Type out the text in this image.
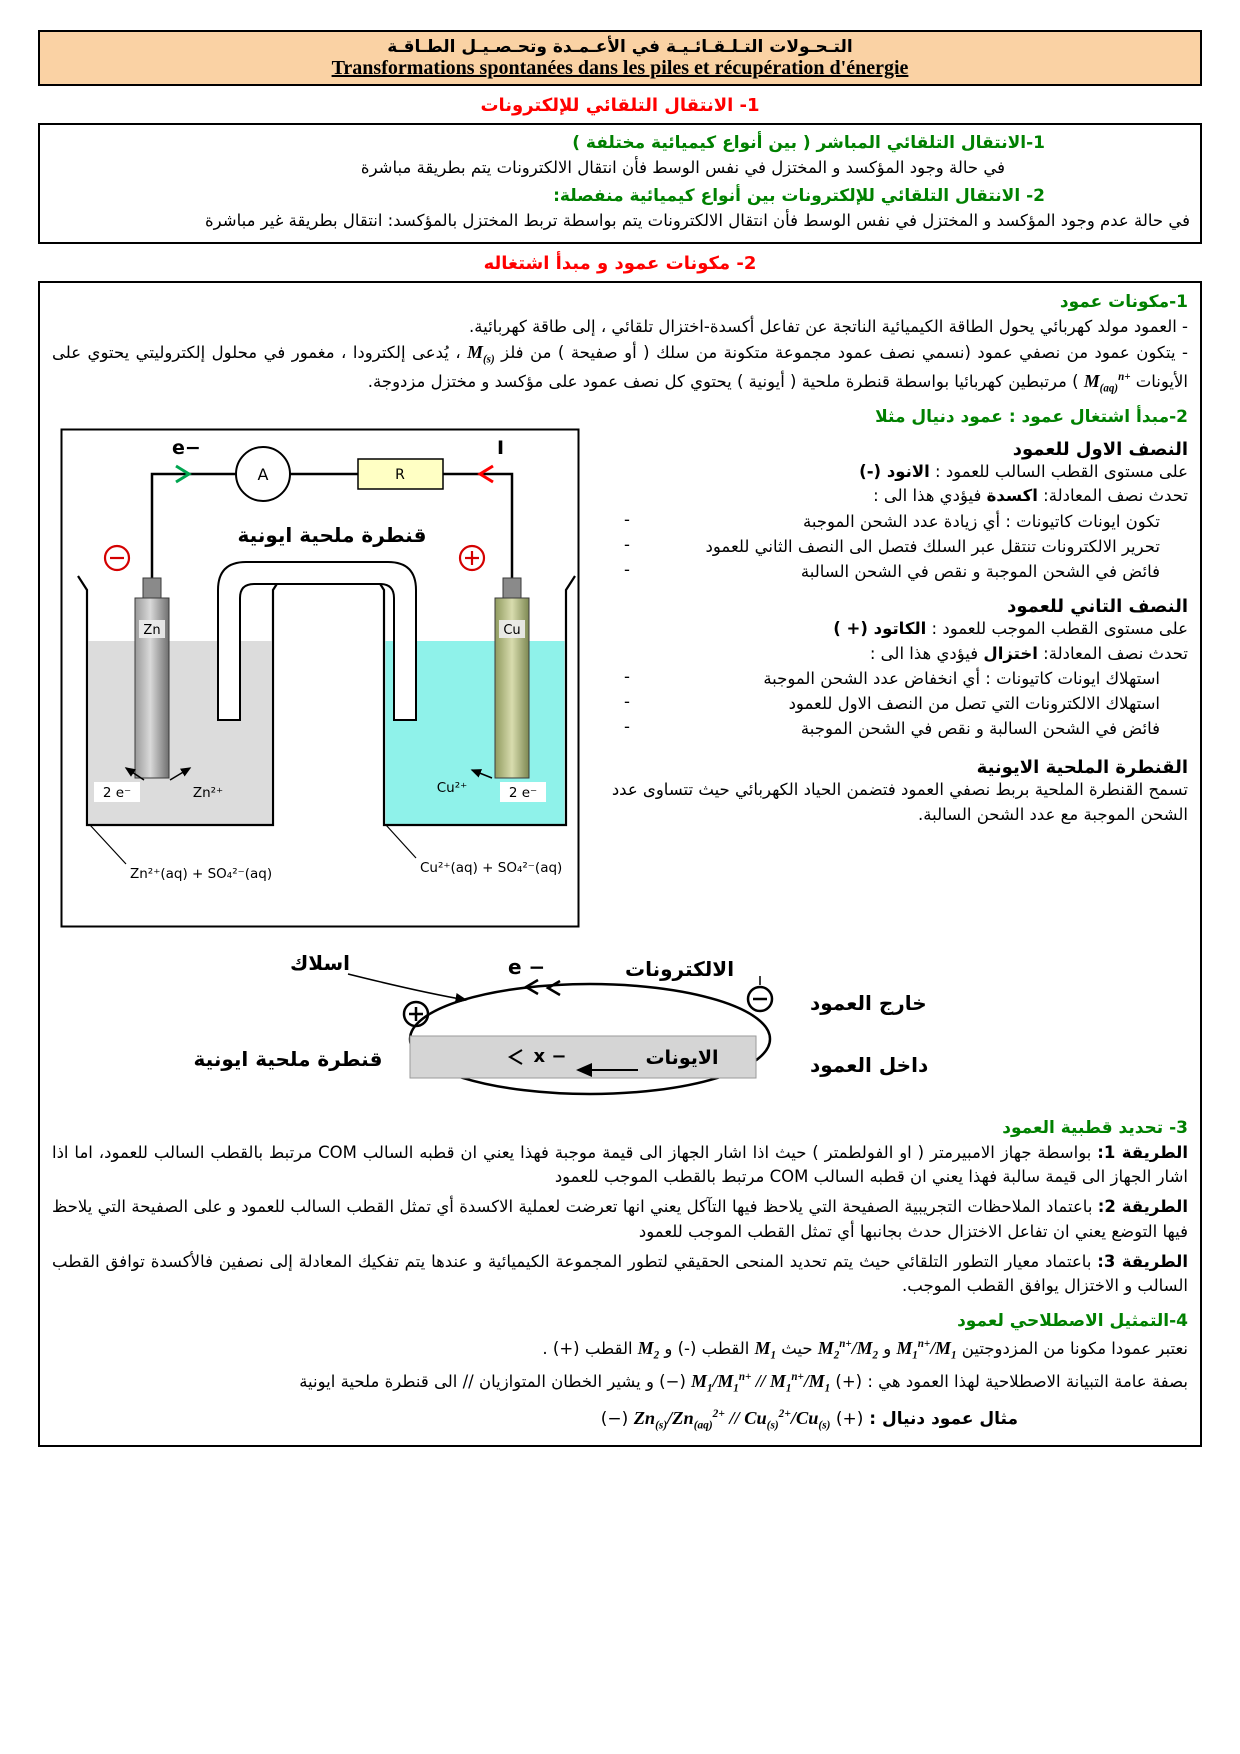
التـحـولات التـلـقـائـيـة في الأعـمـدة وتحـصـيـل الطـاقـة
Transformations spontanées dans les piles et récupération d'énergie
1- الانتقال التلقائي للإلكترونات
1-الانتقال التلقائي المباشر ( بين أنواع كيميائية مختلفة )
في حالة وجود المؤكسد و المختزل في نفس الوسط فأن انتقال الالكترونات يتم بطريقة مباشرة
2- الانتقال التلقائي للإلكترونات بين أنواع كيميائية منفصلة:
في حالة عدم وجود المؤكسد و المختزل في نفس الوسط فأن انتقال الالكترونات يتم بواسطة تربط المختزل بالمؤكسد: انتقال بطريقة غير مباشرة
2- مكونات عمود و مبدأ اشتغاله
1-مكونات عمود
- العمود مولد كهربائي يحول الطاقة الكيميائية الناتجة عن تفاعل أكسدة-اختزال تلقائي ، إلى طاقة كهربائية.
- يتكون عمود من نصفي عمود (نسمي نصف عمود مجموعة متكونة من سلك ( أو صفيحة ) من فلز $M_{(s)}$ ، يُدعى إلكترودا ، مغمور في محلول إلكتروليتي يحتوي على الأيونات $M_{(aq)}^{n+}$ ) مرتبطين كهربائيا بواسطة قنطرة ملحية ( أيونية ) يحتوي كل نصف عمود على مؤكسد و مختزل مزدوجة.
A	R
e−	I
قنطرة ملحية ايونية
Zn	Cu
2 e⁻	Zn²⁺	Cu²⁺	2 e⁻
Zn²⁺(aq) + SO₄²⁻(aq)	Cu²⁺(aq) + SO₄²⁻(aq)
2-مبدأ اشتغال عمود : عمود دنيال مثلا
النصف الاول للعمود
على مستوى القطب السالب للعمود : الانود (-)
تحدث نصف المعادلة: اكسدة فيؤدي هذا الى :
-	تكون ايونات كاتيونات : أي زيادة عدد الشحن الموجبة
-	تحرير الالكترونات تنتقل عبر السلك فتصل الى النصف الثاني للعمود
-	فائض في الشحن الموجبة و نقص في الشحن السالبة
النصف التاني للعمود
على مستوى القطب الموجب للعمود : الكاتود (+ )
تحدث نصف المعادلة: اختزال فيؤدي هذا الى :
-	استهلاك ايونات كاتيونات : أي انخفاض عدد الشحن الموجبة
-	استهلاك الالكترونات التي تصل من النصف الاول للعمود
-	فائض في الشحن السالبة و نقص في الشحن الموجبة
القنطرة الملحية الايونية
تسمح القنطرة الملحية بربط نصفي العمود فتضمن الحياد الكهربائي حيث تتساوى عدد الشحن الموجبة مع عدد الشحن السالبة.
اسلاك	e −	الالكترونات
الايونات
x −
خارج العمود
داخل العمود
قنطرة ملحية ايونية
3- تحديد قطبية العمود
الطريقة 1: بواسطة جهاز الامبيرمتر ( او الفولطمتر ) حيث اذا اشار الجهاز الى قيمة موجبة فهذا يعني ان قطبه السالب COM مرتبط بالقطب السالب للعمود، اما اذا اشار الجهاز الى قيمة سالبة فهذا يعني ان قطبه السالب COM مرتبط بالقطب الموجب للعمود
الطريقة 2: باعتماد الملاحظات التجريبية الصفيحة التي يلاحظ فيها التآكل يعني انها تعرضت لعملية الاكسدة أي تمثل القطب السالب للعمود و على الصفيحة التي يلاحظ فيها التوضع يعني ان تفاعل الاختزال حدث بجانبها أي تمثل القطب الموجب للعمود
الطريقة 3: باعتماد معيار التطور التلقائي حيث يتم تحديد المنحى الحقيقي لتطور المجموعة الكيميائية و عندها يتم تفكيك المعادلة إلى نصفين فالأكسدة توافق القطب السالب و الاختزال يوافق القطب الموجب.
4-التمثيل الاصطلاحي لعمود
نعتبر عمودا مكونا من المزدوجتين $M_1^{n+}/M_1$ و $M_2^{n+}/M_2$ حيث $M_1$ القطب (-) و $M_2$ القطب (+) .
بصفة عامة التبيانة الاصطلاحية لهذا العمود هي : (+) $M_1/M_1^{n+} // M_1^{n+}/M_1$ (−) و يشير الخطان المتوازيان // الى قنطرة ملحية ايونية
مثال عمود دنيال : (+) $Zn_{(s)}/Zn_{(aq)}^{2+} // Cu_{(s)}^{2+}/Cu_{(s)}$ (−)
